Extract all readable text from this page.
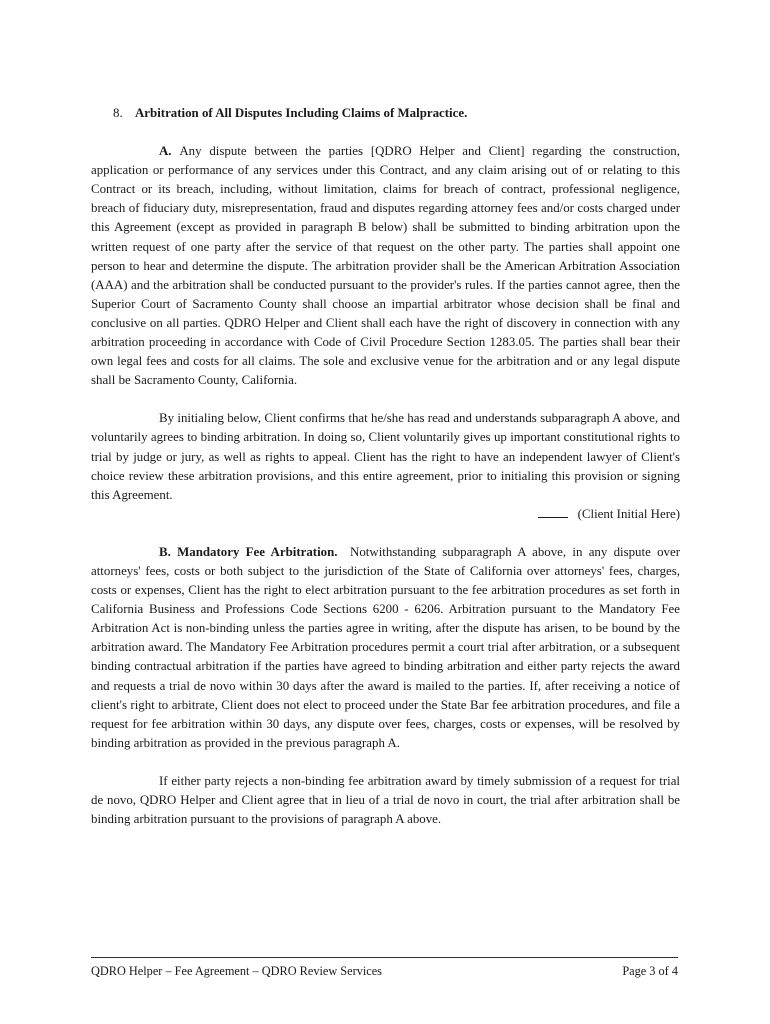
8. Arbitration of All Disputes Including Claims of Malpractice.

A. Any dispute between the parties [QDRO Helper and Client] regarding the construction, application or performance of any services under this Contract, and any claim arising out of or relating to this Contract or its breach, including, without limitation, claims for breach of contract, professional negligence, breach of fiduciary duty, misrepresentation, fraud and disputes regarding attorney fees and/or costs charged under this Agreement (except as provided in paragraph B below) shall be submitted to binding arbitration upon the written request of one party after the service of that request on the other party. The parties shall appoint one person to hear and determine the dispute. The arbitration provider shall be the American Arbitration Association (AAA) and the arbitration shall be conducted pursuant to the provider's rules. If the parties cannot agree, then the Superior Court of Sacramento County shall choose an impartial arbitrator whose decision shall be final and conclusive on all parties. QDRO Helper and Client shall each have the right of discovery in connection with any arbitration proceeding in accordance with Code of Civil Procedure Section 1283.05. The parties shall bear their own legal fees and costs for all claims. The sole and exclusive venue for the arbitration and or any legal dispute shall be Sacramento County, California.

By initialing below, Client confirms that he/she has read and understands subparagraph A above, and voluntarily agrees to binding arbitration. In doing so, Client voluntarily gives up important constitutional rights to trial by judge or jury, as well as rights to appeal. Client has the right to have an independent lawyer of Client's choice review these arbitration provisions, and this entire agreement, prior to initialing this provision or signing this Agreement.

(Client Initial Here)

B. Mandatory Fee Arbitration. Notwithstanding subparagraph A above, in any dispute over attorneys' fees, costs or both subject to the jurisdiction of the State of California over attorneys' fees, charges, costs or expenses, Client has the right to elect arbitration pursuant to the fee arbitration procedures as set forth in California Business and Professions Code Sections 6200 - 6206. Arbitration pursuant to the Mandatory Fee Arbitration Act is non-binding unless the parties agree in writing, after the dispute has arisen, to be bound by the arbitration award. The Mandatory Fee Arbitration procedures permit a court trial after arbitration, or a subsequent binding contractual arbitration if the parties have agreed to binding arbitration and either party rejects the award and requests a trial de novo within 30 days after the award is mailed to the parties. If, after receiving a notice of client's right to arbitrate, Client does not elect to proceed under the State Bar fee arbitration procedures, and file a request for fee arbitration within 30 days, any dispute over fees, charges, costs or expenses, will be resolved by binding arbitration as provided in the previous paragraph A.

If either party rejects a non-binding fee arbitration award by timely submission of a request for trial de novo, QDRO Helper and Client agree that in lieu of a trial de novo in court, the trial after arbitration shall be binding arbitration pursuant to the provisions of paragraph A above.

QDRO Helper – Fee Agreement – QDRO Review Services	Page 3 of 4
